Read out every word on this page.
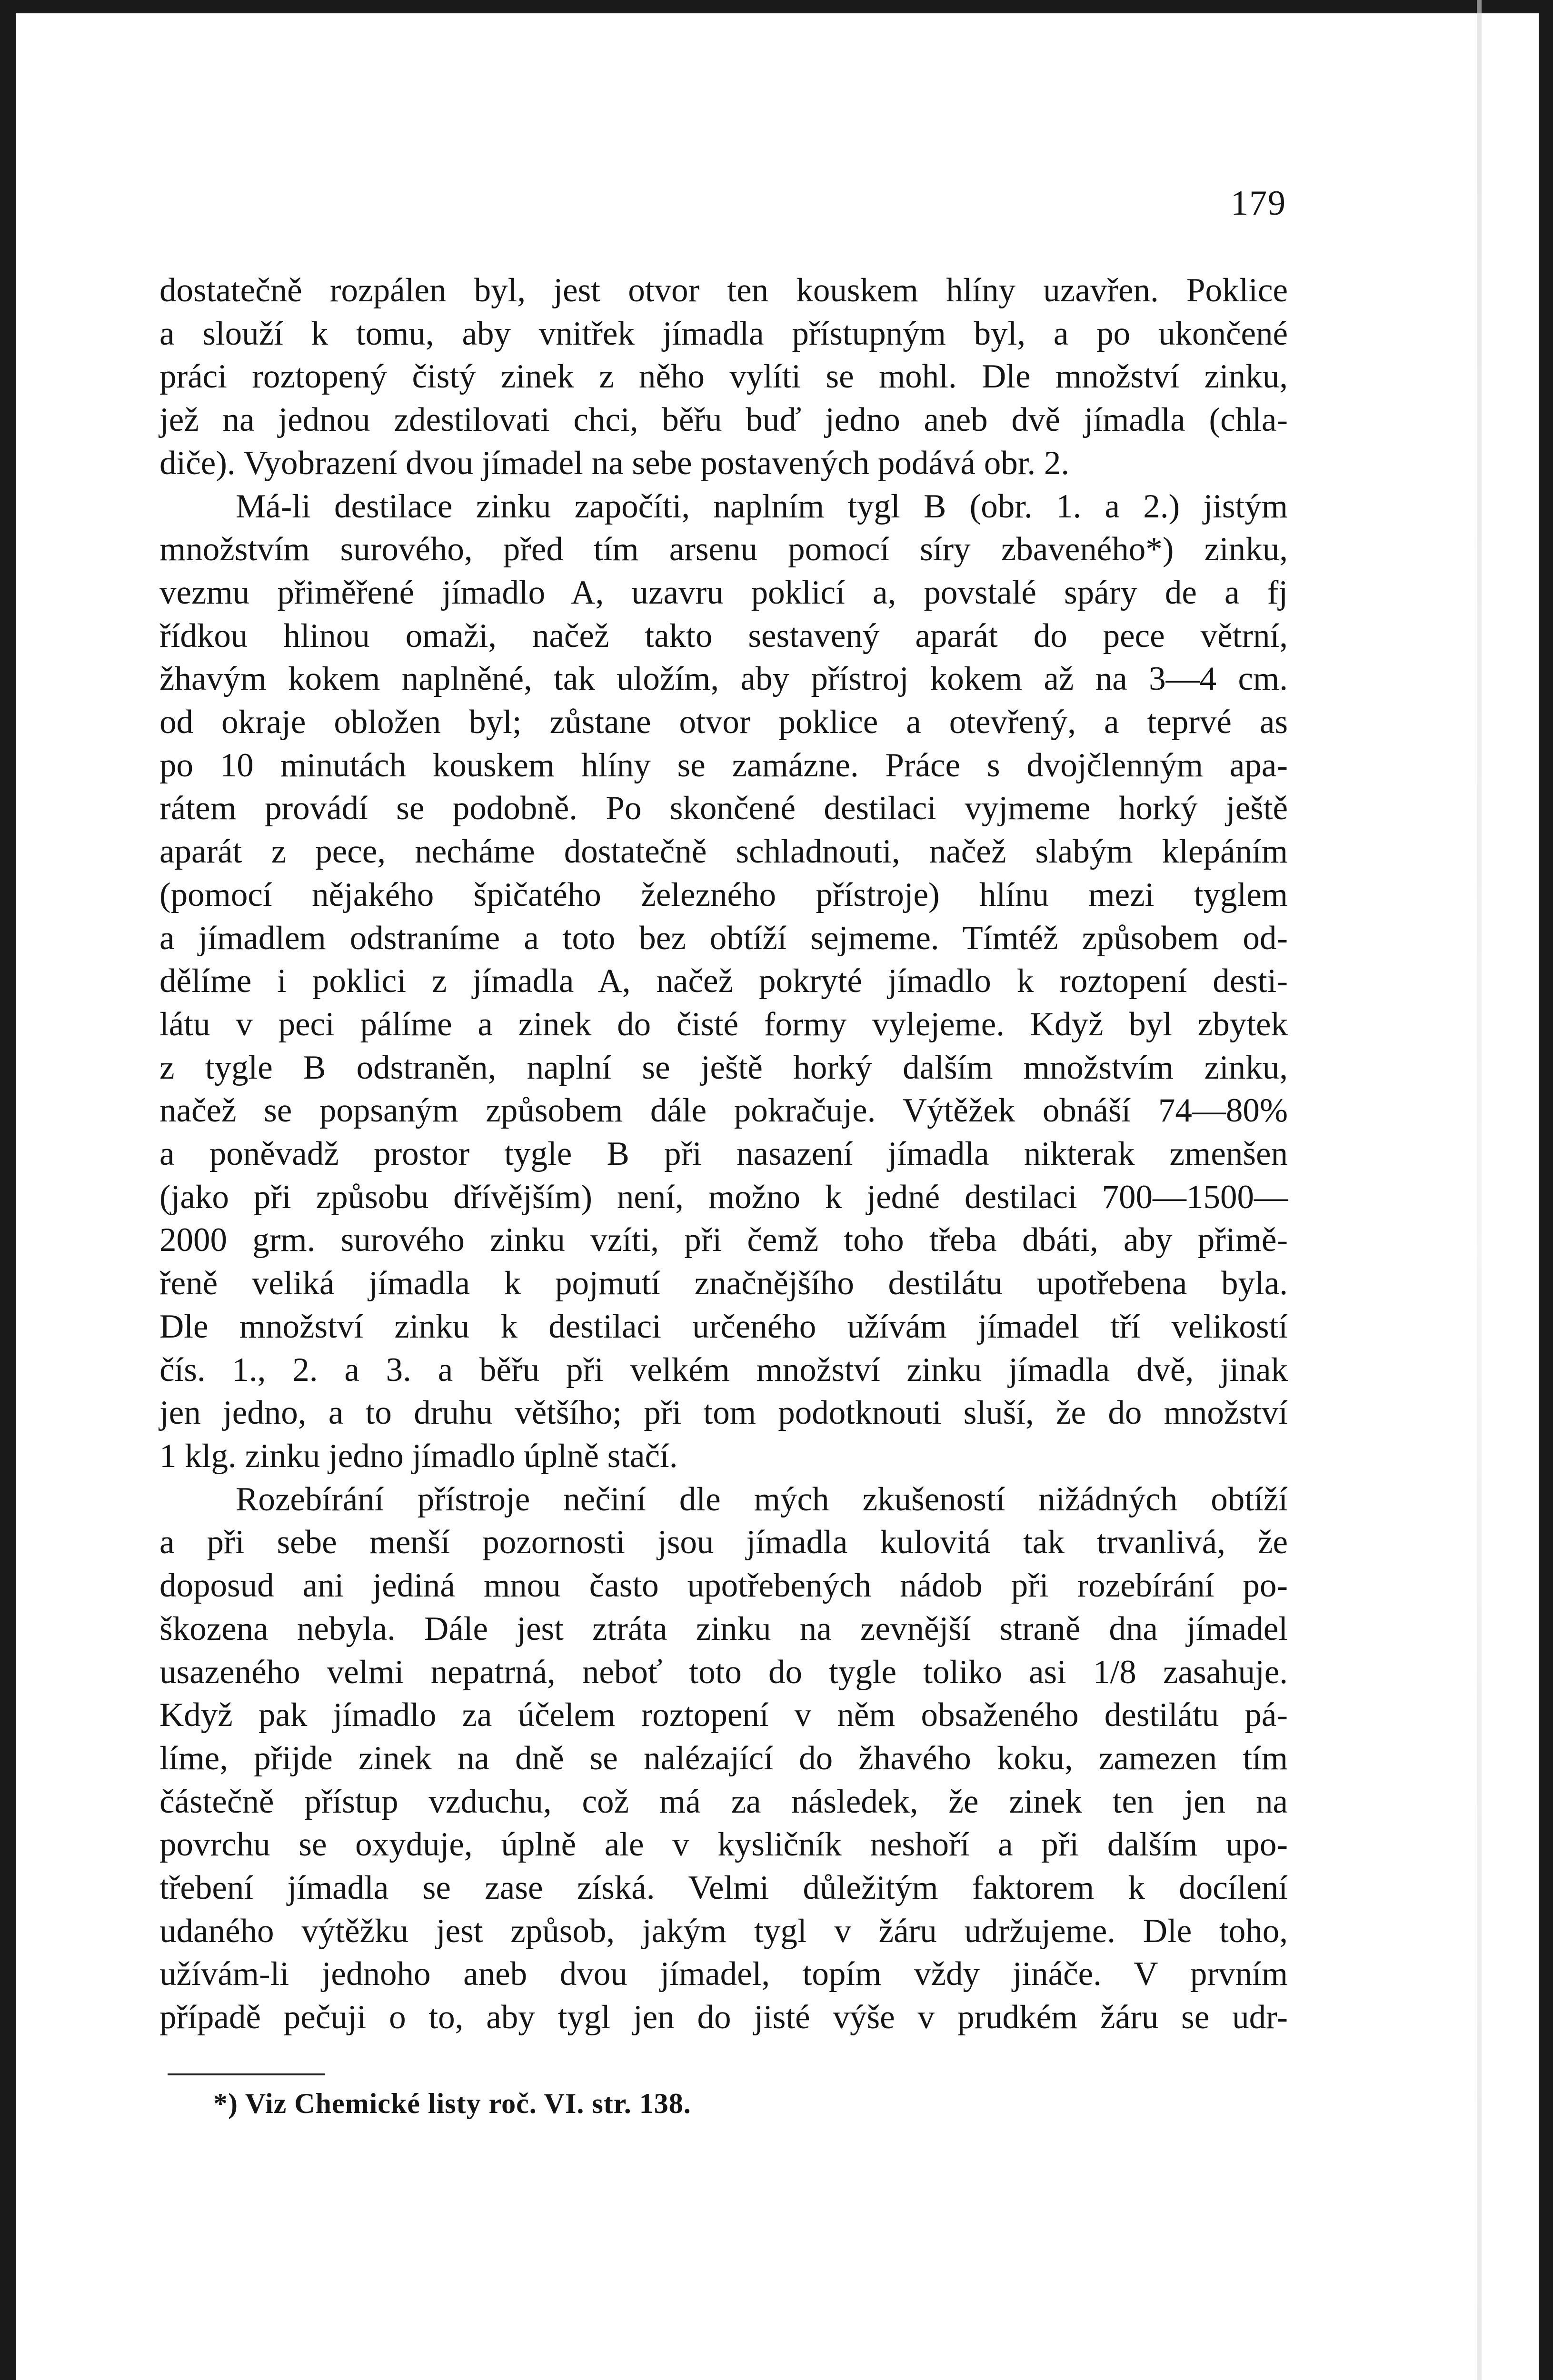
179
dostatečně rozpálen byl, jest otvor ten kouskem hlíny uzavřen. Poklice
a slouží k tomu, aby vnitřek jímadla přístupným byl, a po ukončené
práci roztopený čistý zinek z něho vylíti se mohl. Dle množství zinku,
jež na jednou zdestilovati chci, běřu buď jedno aneb dvě jímadla (chla-
diče). Vyobrazení dvou jímadel na sebe postavených podává obr. 2.
Má-li destilace zinku započíti, naplním tygl B (obr. 1. a 2.) jistým
množstvím surového, před tím arsenu pomocí síry zbaveného*) zinku,
vezmu přiměřené jímadlo A, uzavru poklicí a, povstalé spáry de a fj
řídkou hlinou omaži, načež takto sestavený aparát do pece větrní,
žhavým kokem naplněné, tak uložím, aby přístroj kokem až na 3—4 cm.
od okraje obložen byl; zůstane otvor poklice a otevřený, a teprvé as
po 10 minutách kouskem hlíny se zamázne. Práce s dvojčlenným apa-
rátem provádí se podobně. Po skončené destilaci vyjmeme horký ještě
aparát z pece, necháme dostatečně schladnouti, načež slabým klepáním
(pomocí nějakého špičatého železného přístroje) hlínu mezi tyglem
a jímadlem odstraníme a toto bez obtíží sejmeme. Tímtéž způsobem od-
dělíme i poklici z jímadla A, načež pokryté jímadlo k roztopení desti-
látu v peci pálíme a zinek do čisté formy vylejeme. Když byl zbytek
z tygle B odstraněn, naplní se ještě horký dalším množstvím zinku,
načež se popsaným způsobem dále pokračuje. Výtěžek obnáší 74—80%
a poněvadž prostor tygle B při nasazení jímadla nikterak zmenšen
(jako při způsobu dřívějším) není, možno k jedné destilaci 700—1500—
2000 grm. surového zinku vzíti, při čemž toho třeba dbáti, aby přimě-
řeně veliká jímadla k pojmutí značnějšího destilátu upotřebena byla.
Dle množství zinku k destilaci určeného užívám jímadel tří velikostí
čís. 1., 2. a 3. a běřu při velkém množství zinku jímadla dvě, jinak
jen jedno, a to druhu většího; při tom podotknouti sluší, že do množství
1 klg. zinku jedno jímadlo úplně stačí.
Rozebírání přístroje nečiní dle mých zkušeností nižádných obtíží
a při sebe menší pozornosti jsou jímadla kulovitá tak trvanlivá, že
doposud ani jediná mnou často upotřebených nádob při rozebírání po-
škozena nebyla. Dále jest ztráta zinku na zevnější straně dna jímadel
usazeného velmi nepatrná, neboť toto do tygle toliko asi 1/8 zasahuje.
Když pak jímadlo za účelem roztopení v něm obsaženého destilátu pá-
líme, přijde zinek na dně se nalézající do žhavého koku, zamezen tím
částečně přístup vzduchu, což má za následek, že zinek ten jen na
povrchu se oxyduje, úplně ale v kysličník neshoří a při dalším upo-
třebení jímadla se zase získá. Velmi důležitým faktorem k docílení
udaného výtěžku jest způsob, jakým tygl v žáru udržujeme. Dle toho,
užívám-li jednoho aneb dvou jímadel, topím vždy jináče. V prvním
případě pečuji o to, aby tygl jen do jisté výše v prudkém žáru se udr-
*) Viz Chemické listy roč. VI. str. 138.
